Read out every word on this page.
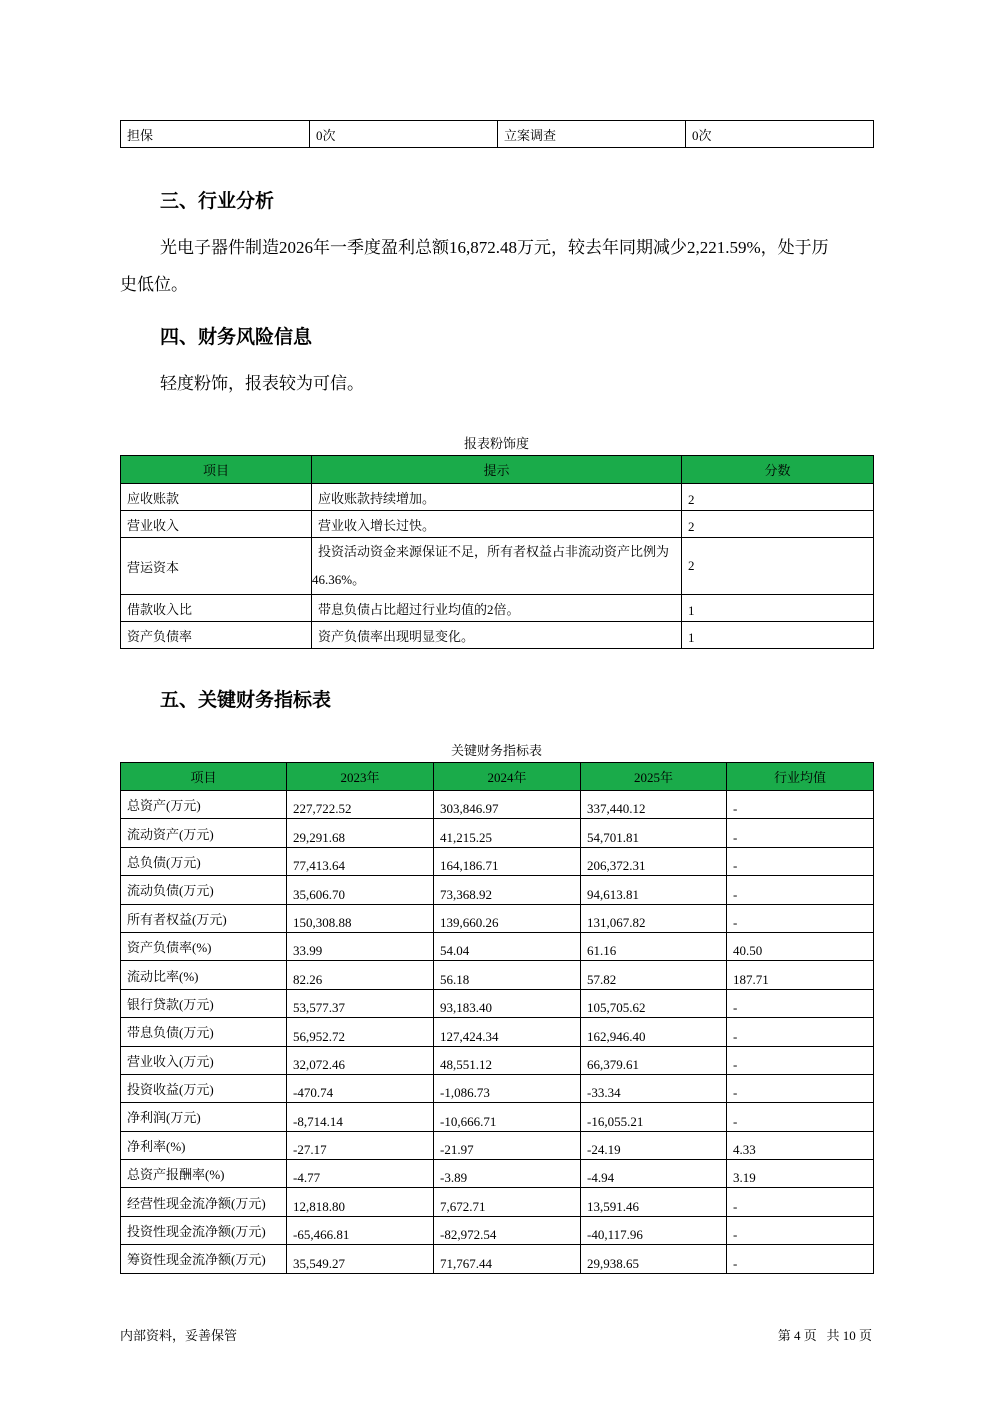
担保	0次	立案调查	0次
三、行业分析
光电子器件制造2026年一季度盈利总额16,872.48万元，较去年同期减少2,221.59%，处于历
史低位。
四、财务风险信息
轻度粉饰，报表较为可信。
报表粉饰度
项目	提示	分数
应收账款	应收账款持续增加。	2
营业收入	营业收入增长过快。	2
营运资本	投资活动资金来源保证不足，所有者权益占非流动资产比例为
46.36%。	2
借款收入比	带息负债占比超过行业均值的2倍。	1
资产负债率	资产负债率出现明显变化。	1
五、关键财务指标表
关键财务指标表
项目	2023年	2024年	2025年	行业均值
总资产(万元)	227,722.52	303,846.97	337,440.12	-
流动资产(万元)	29,291.68	41,215.25	54,701.81	-
总负债(万元)	77,413.64	164,186.71	206,372.31	-
流动负债(万元)	35,606.70	73,368.92	94,613.81	-
所有者权益(万元)	150,308.88	139,660.26	131,067.82	-
资产负债率(%)	33.99	54.04	61.16	40.50
流动比率(%)	82.26	56.18	57.82	187.71
银行贷款(万元)	53,577.37	93,183.40	105,705.62	-
带息负债(万元)	56,952.72	127,424.34	162,946.40	-
营业收入(万元)	32,072.46	48,551.12	66,379.61	-
投资收益(万元)	-470.74	-1,086.73	-33.34	-
净利润(万元)	-8,714.14	-10,666.71	-16,055.21	-
净利率(%)	-27.17	-21.97	-24.19	4.33
总资产报酬率(%)	-4.77	-3.89	-4.94	3.19
经营性现金流净额(万元)	12,818.80	7,672.71	13,591.46	-
投资性现金流净额(万元)	-65,466.81	-82,972.54	-40,117.96	-
筹资性现金流净额(万元)	35,549.27	71,767.44	29,938.65	-
内部资料，妥善保管	第 4 页   共 10 页
